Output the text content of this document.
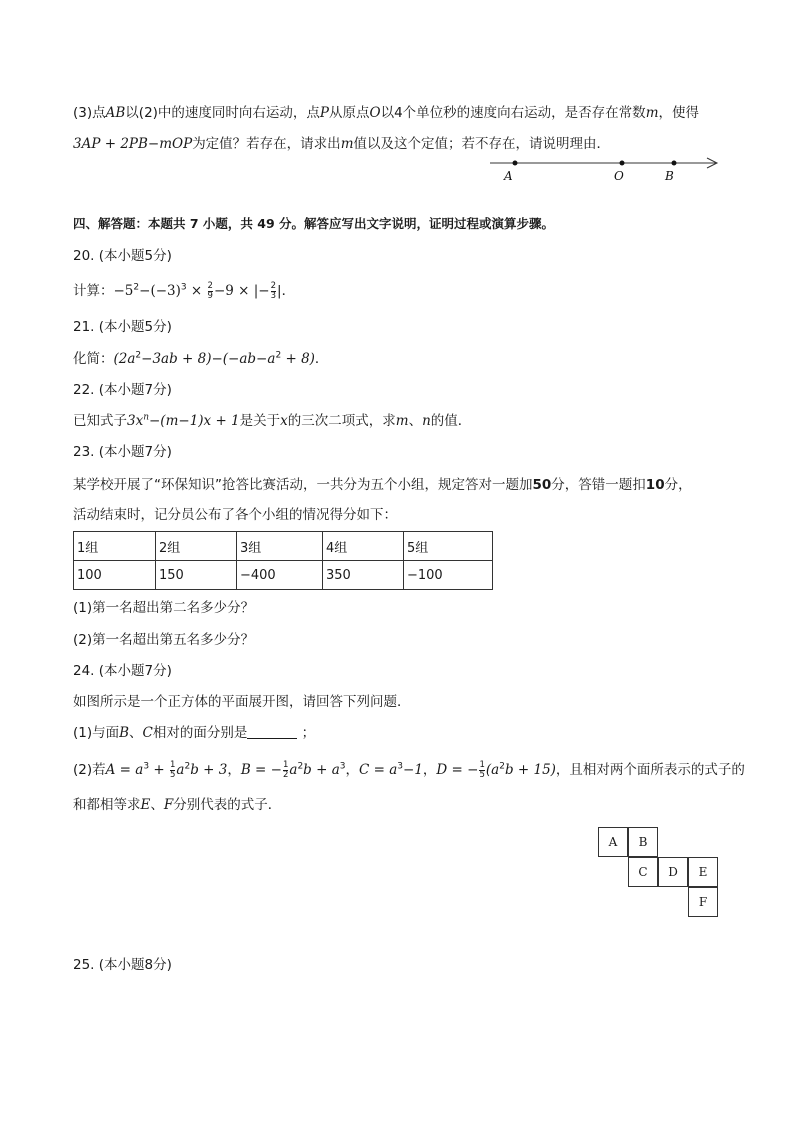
(3)点AB以(2)中的速度同时向右运动，点P从原点O以4个单位秒的速度向右运动，是否存在常数m，使得
3AP + 2PB−mOP为定值？若存在，请求出m值以及这个定值；若不存在，请说明理由．
A	O	B
四、解答题：本题共 7 小题，共 49 分。解答应写出文字说明，证明过程或演算步骤。
20. (本小题5分)
计算：$-5^2-(-3)^3 \times \frac{2}{9} -9$ × |− $\frac{2}{3}$ |．
21. (本小题5分)
化简：$(2a^2-3ab + 8)-(-ab-a^2 + 8)$．
22. (本小题7分)
已知式子$3x^n-(m-1)x + 1$是关于x的三次二项式，求m、n的值．
23. (本小题7分)
某学校开展了“环保知识”抢答比赛活动，一共分为五个小组，规定答对一题加50分，答错一题扣10分，
活动结束时，记分员公布了各个小组的情况得分如下：
1组	2组	3组	4组	5组
100	150	−400	350	−100
(1)第一名超出第二名多少分？
(2)第一名超出第五名多少分？
24. (本小题7分)
如图所示是一个正方体的平面展开图，请回答下列问题．
(1)与面B、C相对的面分别是	；
(2)若$A = a^3 + \frac{1}{5} a^2b + 3$，B = − $\frac{1}{2} a^2b + a^3$，$C = a^3-1$，D = − $\frac{1}{5} (a^2b + 15)$，且相对两个面所表示的式子的
和都相等求E、F分别代表的式子．
A	B
C	D	E
F
25. (本小题8分)
